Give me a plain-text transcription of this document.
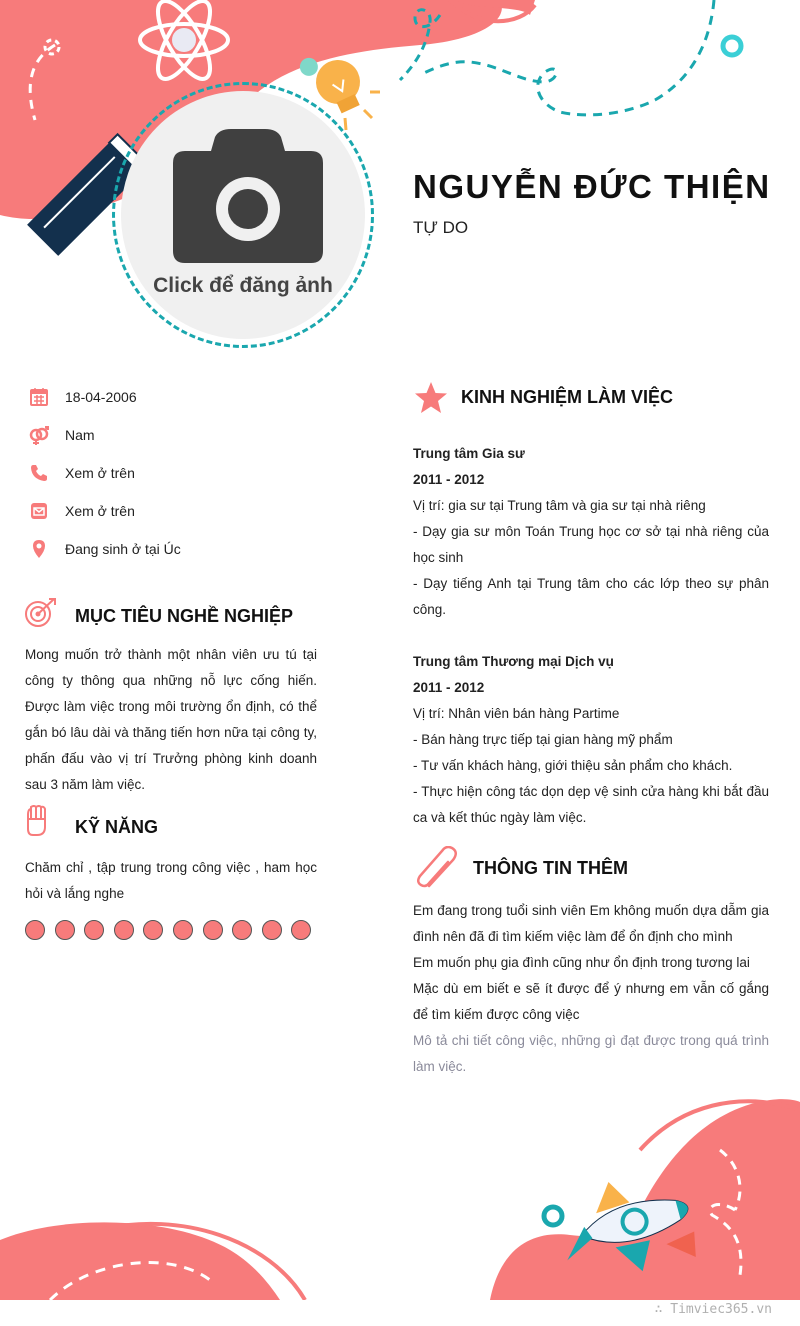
Click để đăng ảnh
NGUYỄN ĐỨC THIỆN
TỰ DO
18-04-2006
Nam
Xem ở trên
Xem ở trên
Đang sinh ở tại Úc
MỤC TIÊU NGHỀ NGHIỆP
Mong muốn trở thành một nhân viên ưu tú tại công ty thông qua những nỗ lực cống hiến. Được làm việc trong môi trường ổn định, có thể gắn bó lâu dài và thăng tiến hơn nữa tại công ty, phấn đấu vào vị trí Trưởng phòng kinh doanh sau 3 năm làm việc.
KỸ NĂNG
Chăm chỉ , tập trung trong công việc , ham học hỏi và lắng nghe
KINH NGHIỆM LÀM VIỆC

Trung tâm Gia sư

2011 - 2012

Vị trí: gia sư tại Trung tâm và gia sư tại nhà riêng

- Dạy gia sư môn Toán Trung học cơ sở tại nhà riêng của học sinh

- Dạy tiếng Anh tại Trung tâm cho các lớp theo sự phân công.

Trung tâm Thương mại Dịch vụ

2011 - 2012

Vị trí: Nhân viên bán hàng Partime

- Bán hàng trực tiếp tại gian hàng mỹ phẩm

- Tư vấn khách hàng, giới thiệu sản phẩm cho khách.

- Thực hiện công tác dọn dẹp vệ sinh cửa hàng khi bắt đầu ca và kết thúc ngày làm việc.

THÔNG TIN THÊM

Em đang trong tuổi sinh viên Em không muốn dựa dẫm gia đình nên đã đi tìm kiếm việc làm để ổn định cho mình

Em muốn phụ gia đình cũng như ổn định trong tương lai

Mặc dù em biết e sẽ ít được để ý nhưng em vẫn cố gắng để tìm kiếm được công việc

Mô tả chi tiết công việc, những gì đạt được trong quá trình làm việc.

∴ Timviec365.vn
